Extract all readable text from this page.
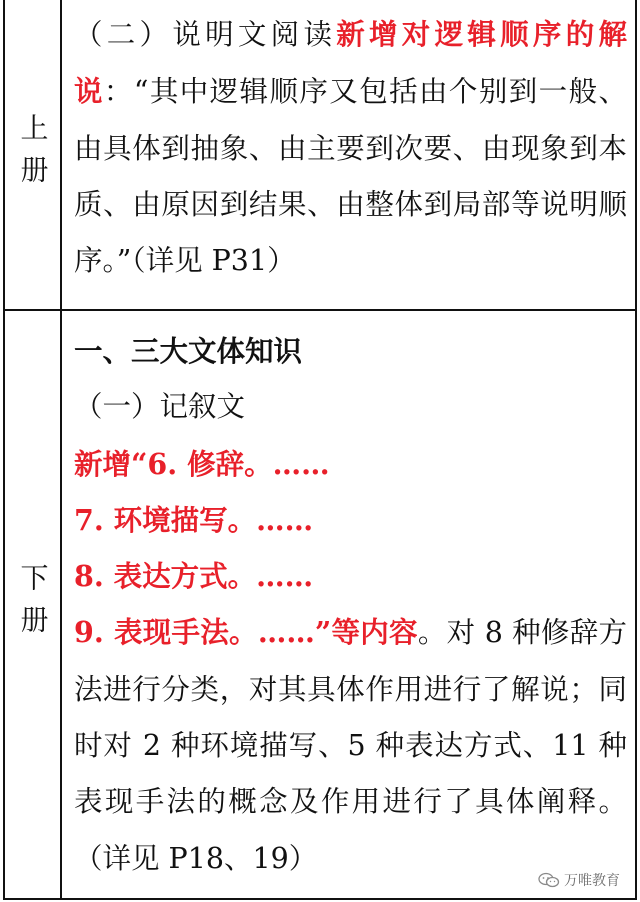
上册

（二）说明文阅读新增对逻辑顺序的解说：“其中逻辑顺序又包括由个别到一般、由具体到抽象、由主要到次要、由现象到本质、由原因到结果、由整体到局部等说明顺序。”（详见 P31）

下册
一、三大文体知识
（一）记叙文
新增“6. 修辞。……
7. 环境描写。……
8. 表达方式。……

9. 表现手法。……”等内容。对 8 种修辞方法进行分类，对其具体作用进行了解说；同时对 2 种环境描写、5 种表达方式、11 种表现手法的概念及作用进行了具体阐释。（详见 P18、19）

万唯教育
